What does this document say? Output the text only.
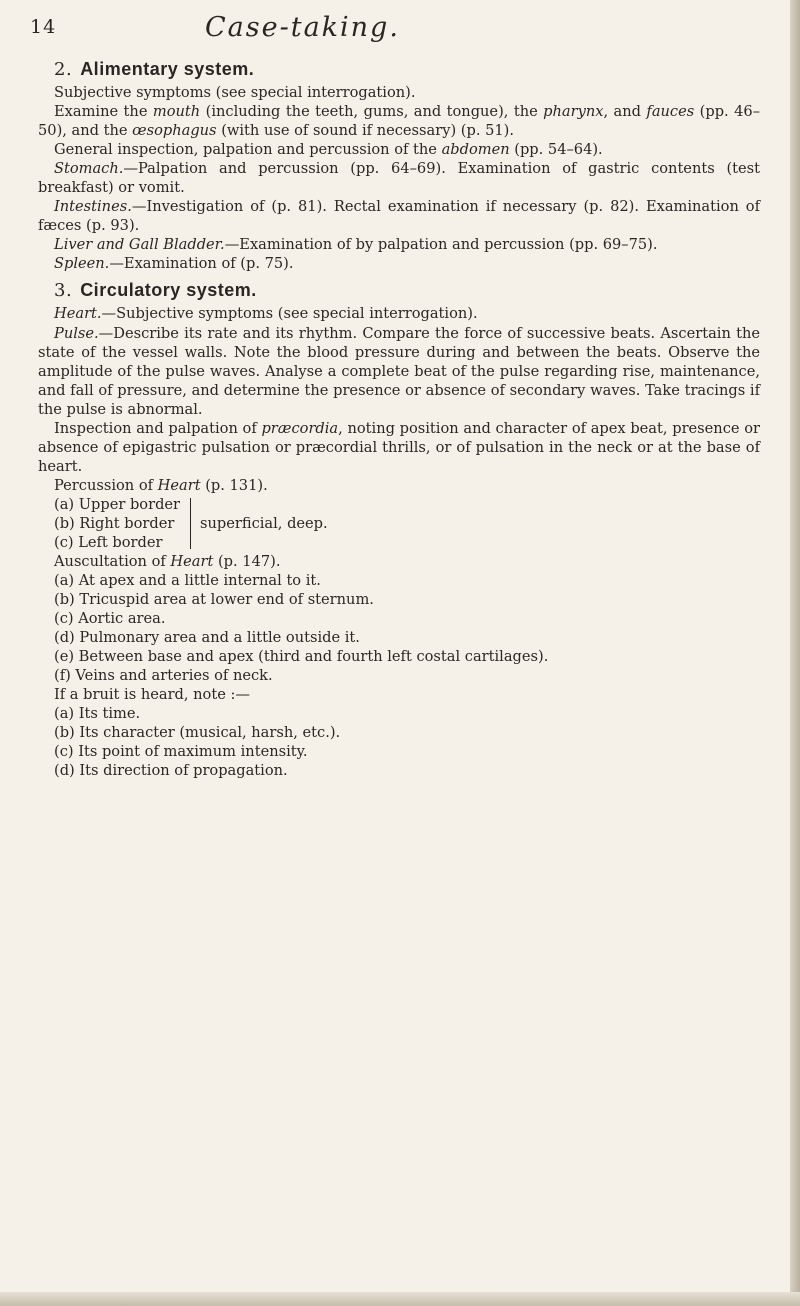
14	Case-taking.
2. Alimentary system.

Subjective symptoms (see special interrogation).

Examine the mouth (including the teeth, gums, and tongue), the pharynx, and fauces (pp. 46–50), and the œsophagus (with use of sound if necessary) (p. 51).

General inspection, palpation and percussion of the abdomen (pp. 54–64).

Stomach.—Palpation and percussion (pp. 64–69). Examination of gastric contents (test breakfast) or vomit.

Intestines.—Investigation of (p. 81). Rectal examination if necessary (p. 82). Examination of fæces (p. 93).

Liver and Gall Bladder.—Examination of by palpation and percussion (pp. 69–75).

Spleen.—Examination of (p. 75).

3. Circulatory system.

Heart.—Subjective symptoms (see special interrogation).

Pulse.—Describe its rate and its rhythm. Compare the force of successive beats. Ascertain the state of the vessel walls. Note the blood pressure during and between the beats. Observe the amplitude of the pulse waves. Analyse a complete beat of the pulse regarding rise, maintenance, and fall of pressure, and determine the presence or absence of secondary waves. Take tracings if the pulse is abnormal.

Inspection and palpation of præcordia, noting position and character of apex beat, presence or absence of epigastric pulsation or præcordial thrills, or of pulsation in the neck or at the base of heart.

Percussion of Heart (p. 131).

(a) Upper border
(b) Right border
(c) Left border
superficial, deep.

Auscultation of Heart (p. 147).

(a) At apex and a little internal to it.
(b) Tricuspid area at lower end of sternum.
(c) Aortic area.
(d) Pulmonary area and a little outside it.
(e) Between base and apex (third and fourth left costal cartilages).
(f) Veins and arteries of neck.

If a bruit is heard, note :—

(a) Its time.
(b) Its character (musical, harsh, etc.).
(c) Its point of maximum intensity.
(d) Its direction of propagation.
